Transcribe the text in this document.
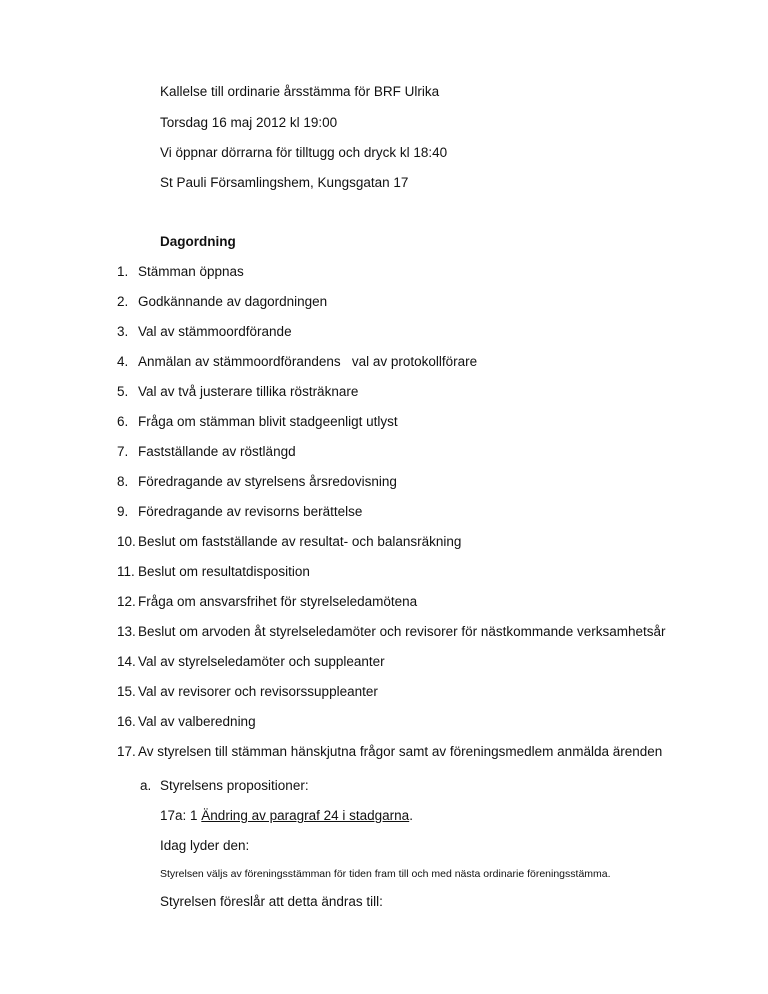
Kallelse till ordinarie årsstämma för BRF Ulrika
Torsdag 16 maj 2012 kl 19:00
Vi öppnar dörrarna för tilltugg och dryck kl 18:40
St Pauli Församlingshem, Kungsgatan 17
Dagordning
1. Stämman öppnas
2. Godkännande av dagordningen
3. Val av stämmoordförande
4. Anmälan av stämmoordförandens   val av protokollförare
5. Val av två justerare tillika rösträknare
6. Fråga om stämman blivit stadgeenligt utlyst
7. Fastställande av röstlängd
8. Föredragande av styrelsens årsredovisning
9. Föredragande av revisorns berättelse
10. Beslut om fastställande av resultat- och balansräkning
11. Beslut om resultatdisposition
12. Fråga om ansvarsfrihet för styrelseledamötena
13. Beslut om arvoden åt styrelseledamöter och revisorer för nästkommande verksamhetsår
14. Val av styrelseledamöter och suppleanter
15. Val av revisorer och revisorssuppleanter
16. Val av valberedning
17. Av styrelsen till stämman hänskjutna frågor samt av föreningsmedlem anmälda ärenden
a. Styrelsens propositioner:
17a: 1 Ändring av paragraf 24 i stadgarna.
Idag lyder den:
Styrelsen väljs av föreningsstämman för tiden fram till och med nästa ordinarie föreningsstämma.
Styrelsen föreslår att detta ändras till:
